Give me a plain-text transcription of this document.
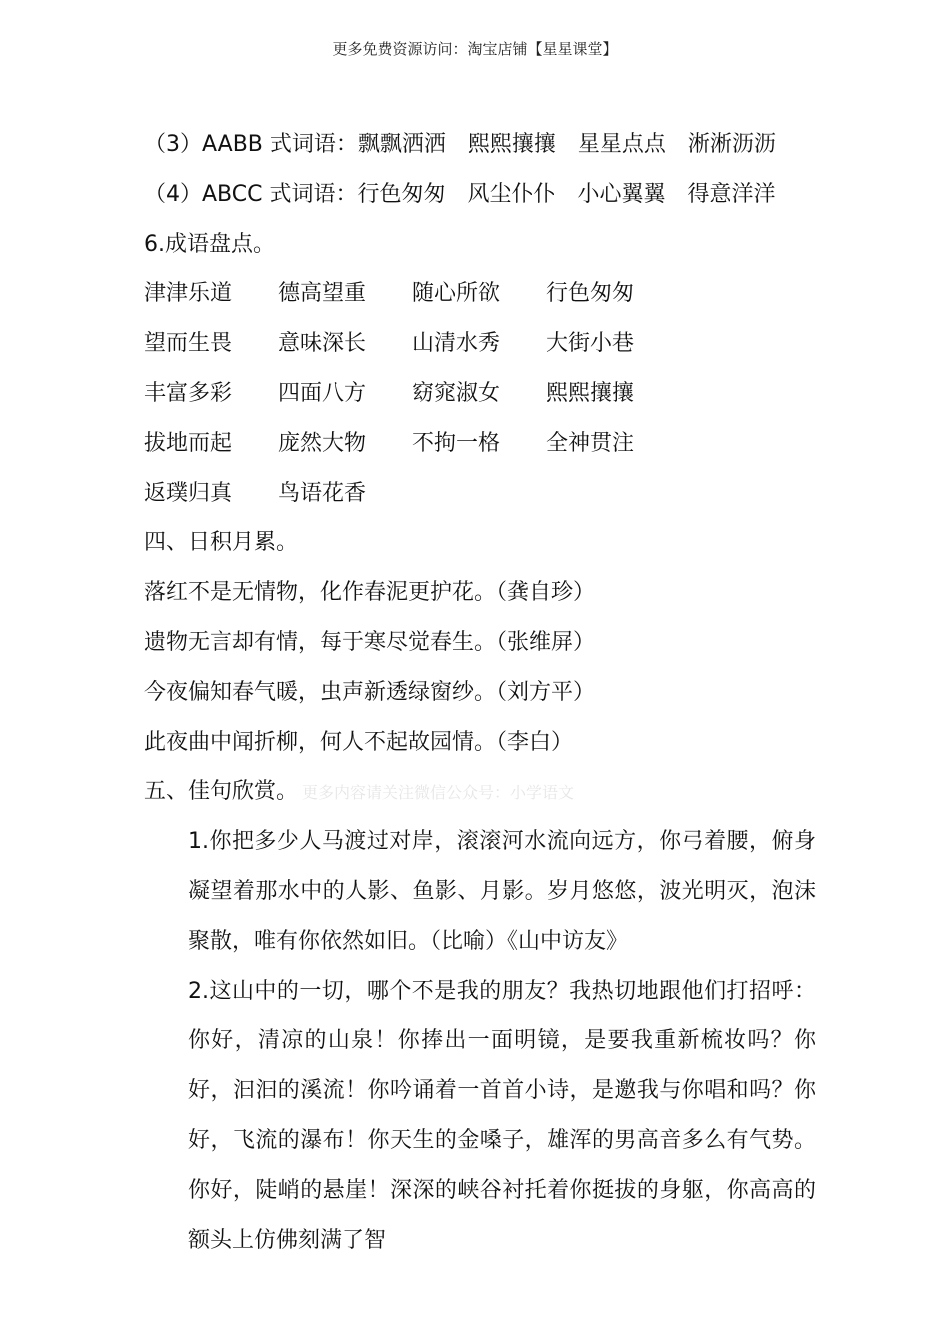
更多免费资源访问：淘宝店铺【星星课堂】
（3）AABB 式词语：飘飘洒洒　熙熙攘攘　星星点点　淅淅沥沥
（4）ABCC 式词语：行色匆匆　风尘仆仆　小心翼翼　得意洋洋
6.成语盘点。
津津乐道	德高望重	随心所欲	行色匆匆
望而生畏	意味深长	山清水秀	大街小巷
丰富多彩	四面八方	窈窕淑女	熙熙攘攘
拔地而起	庞然大物	不拘一格	全神贯注
返璞归真	鸟语花香
四、日积月累。
落红不是无情物，化作春泥更护花。（龚自珍）
遗物无言却有情，每于寒尽觉春生。（张维屏）
今夜偏知春气暖，虫声新透绿窗纱。（刘方平）
此夜曲中闻折柳，何人不起故园情。（李白）
五、佳句欣赏。 更多内容请关注微信公众号：小学语文
1.你把多少人马渡过对岸，滚滚河水流向远方，你弓着腰，俯身凝望着那水中的人影、鱼影、月影。岁月悠悠，波光明灭，泡沫聚散，唯有你依然如旧。（比喻）《山中访友》
2.这山中的一切，哪个不是我的朋友？我热切地跟他们打招呼：你好，清凉的山泉！你捧出一面明镜，是要我重新梳妆吗？你好，汩汩的溪流！你吟诵着一首首小诗，是邀我与你唱和吗？你好，飞流的瀑布！你天生的金嗓子，雄浑的男高音多么有气势。你好，陡峭的悬崖！深深的峡谷衬托着你挺拔的身躯，你高高的额头上仿佛刻满了智
